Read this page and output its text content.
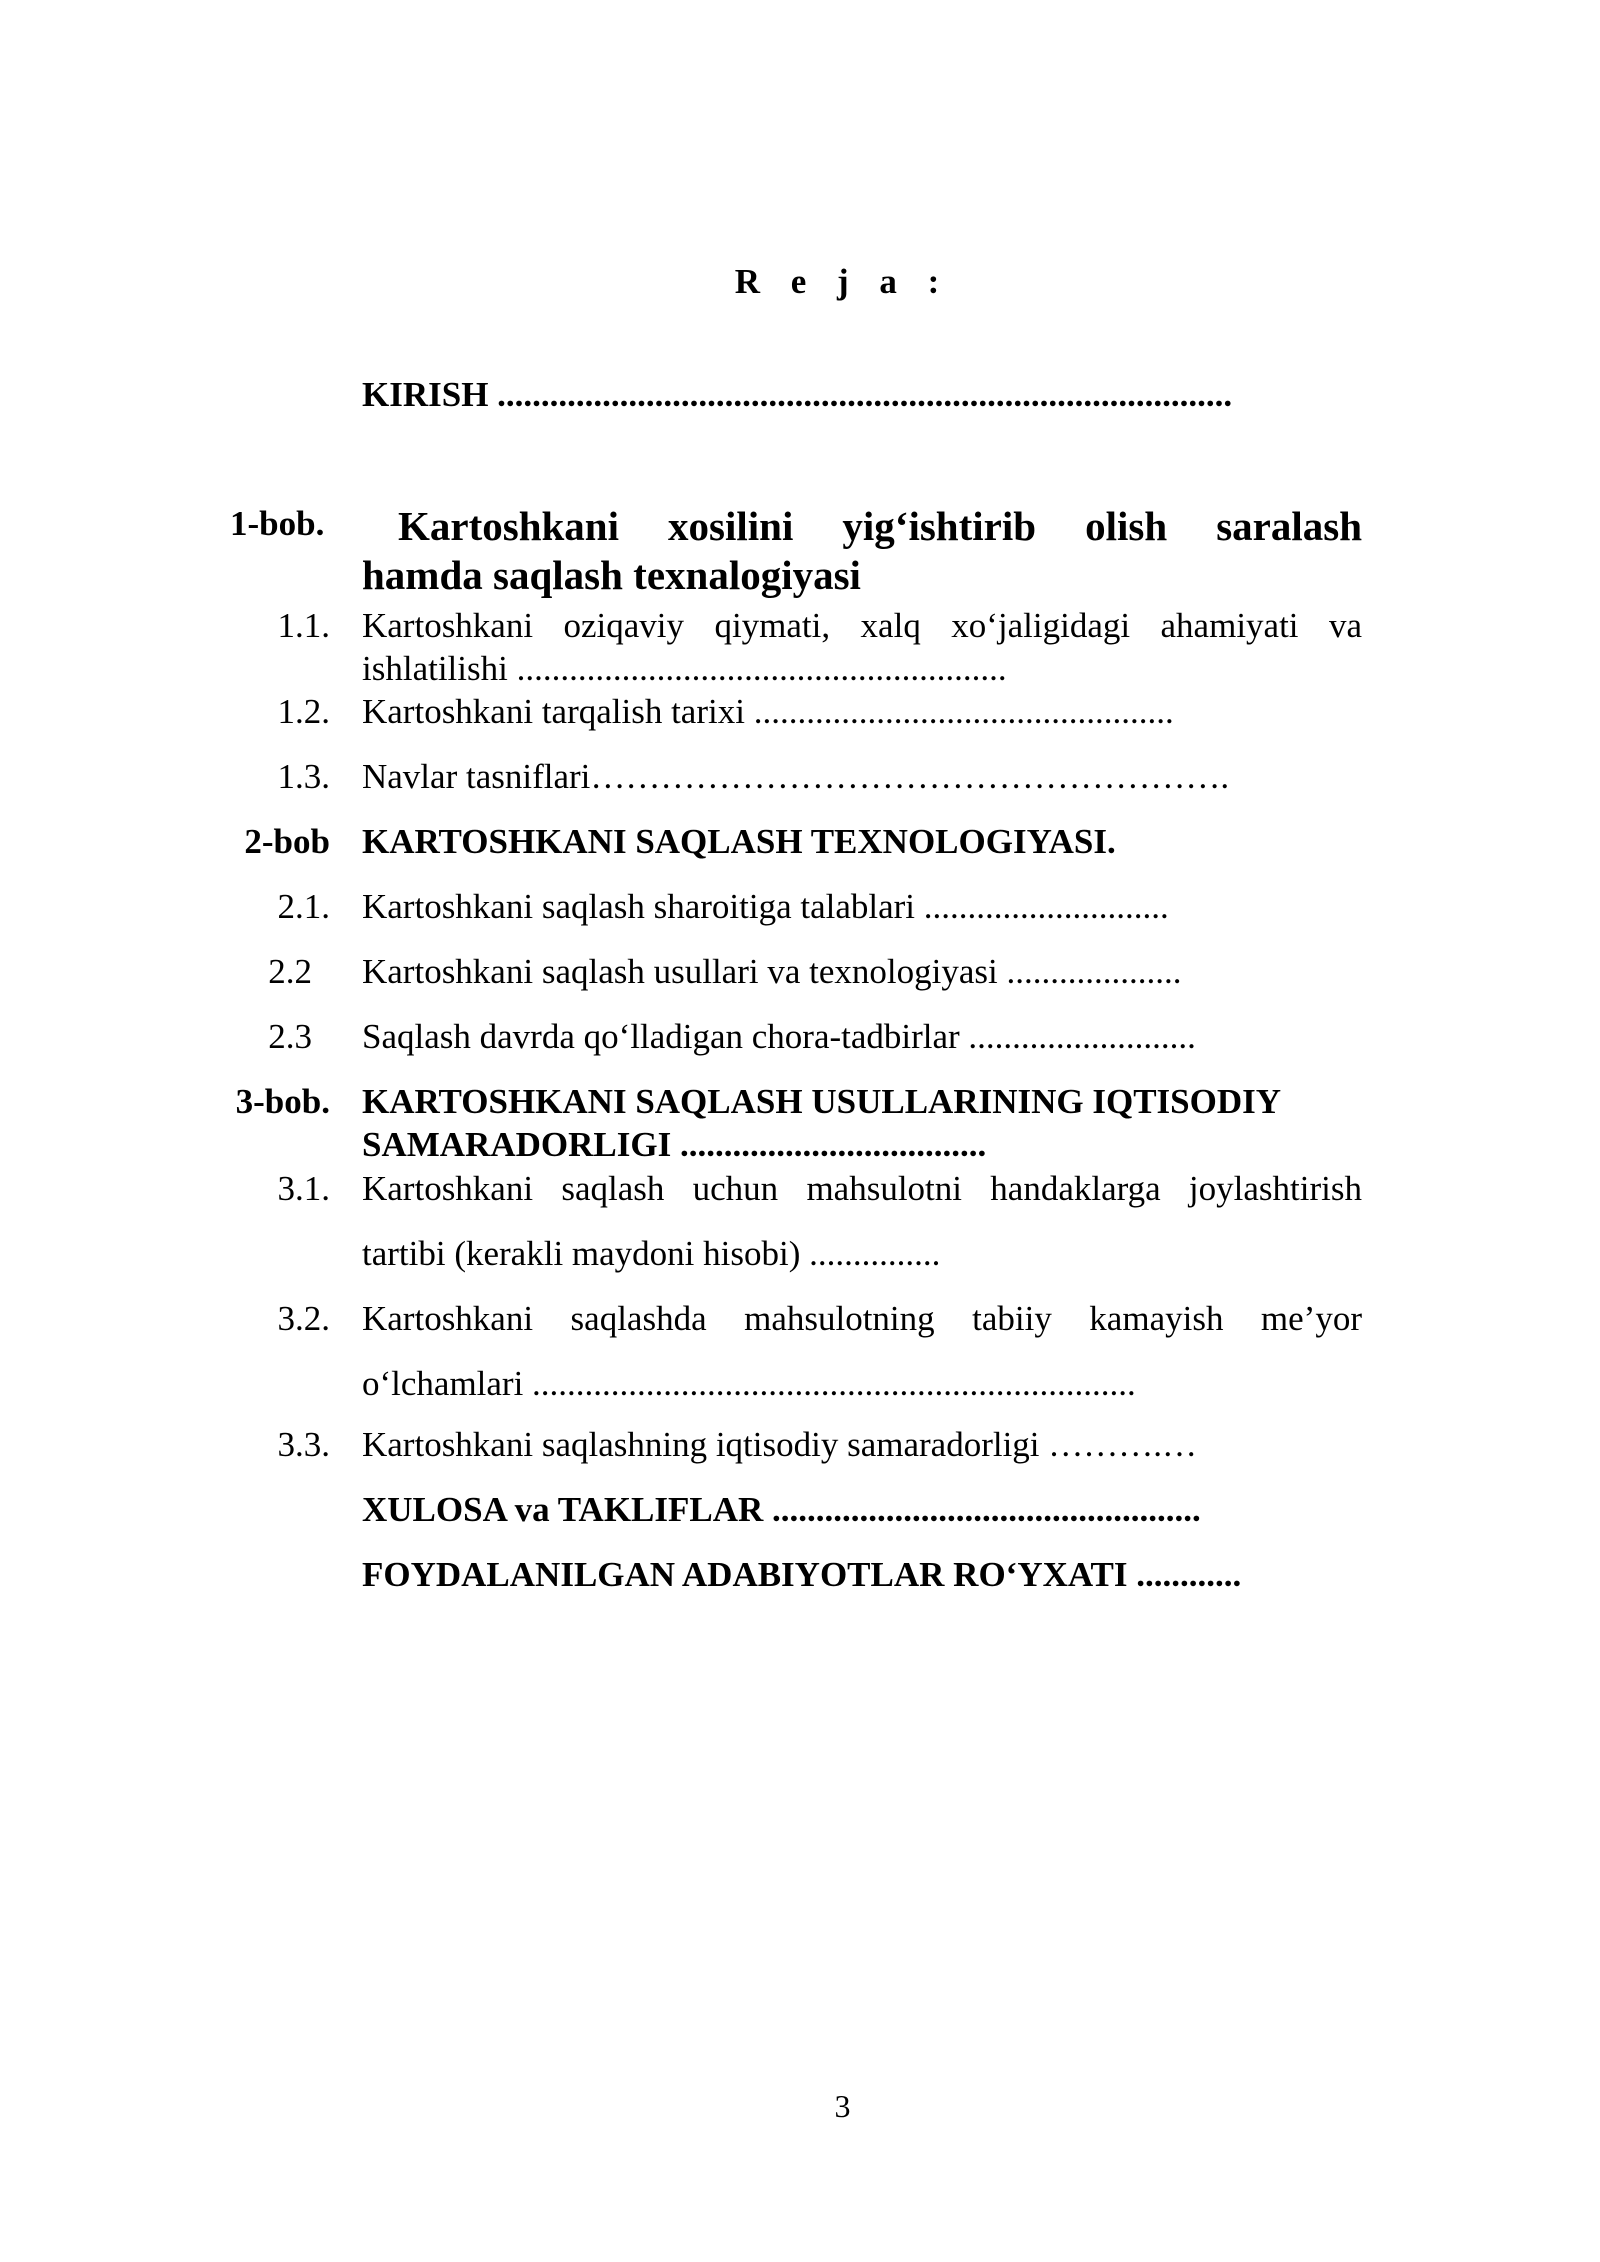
R e j a :
KIRISH ....................................................................................
1-bob.	Kartoshkani xosilini yig‘ishtirib olish saralash
hamda saqlash texnalogiyasi
1.1. Kartoshkani oziqaviy qiymati, xalq xo‘jaligidagi ahamiyati va
ishlatilishi ........................................................
1.2. Kartoshkani tarqalish tarixi ................................................
1.3. Navlar tasniflari……………………………………………….
2-bob KARTOSHKANI SAQLASH TEXNOLOGIYASI.
2.1. Kartoshkani saqlash sharoitiga talablari ............................
2.2 Kartoshkani saqlash usullari va texnologiyasi ....................
2.3 Saqlash davrda qo‘lladigan chora-tadbirlar ..........................
3-bob. KARTOSHKANI SAQLASH USULLARINING IQTISODIY
SAMARADORLIGI ...................................
3.1. Kartoshkani saqlash uchun mahsulotni handaklarga joylashtirish
tartibi (kerakli maydoni hisobi) ...............
3.2. Kartoshkani saqlashda mahsulotning tabiiy kamayish me’yor
o‘lchamlari .....................................................................
3.3. Kartoshkani saqlashning iqtisodiy samaradorligi ……….…
XULOSA va TAKLIFLAR .................................................
FOYDALANILGAN ADABIYOTLAR RO‘YXATI ............
3
